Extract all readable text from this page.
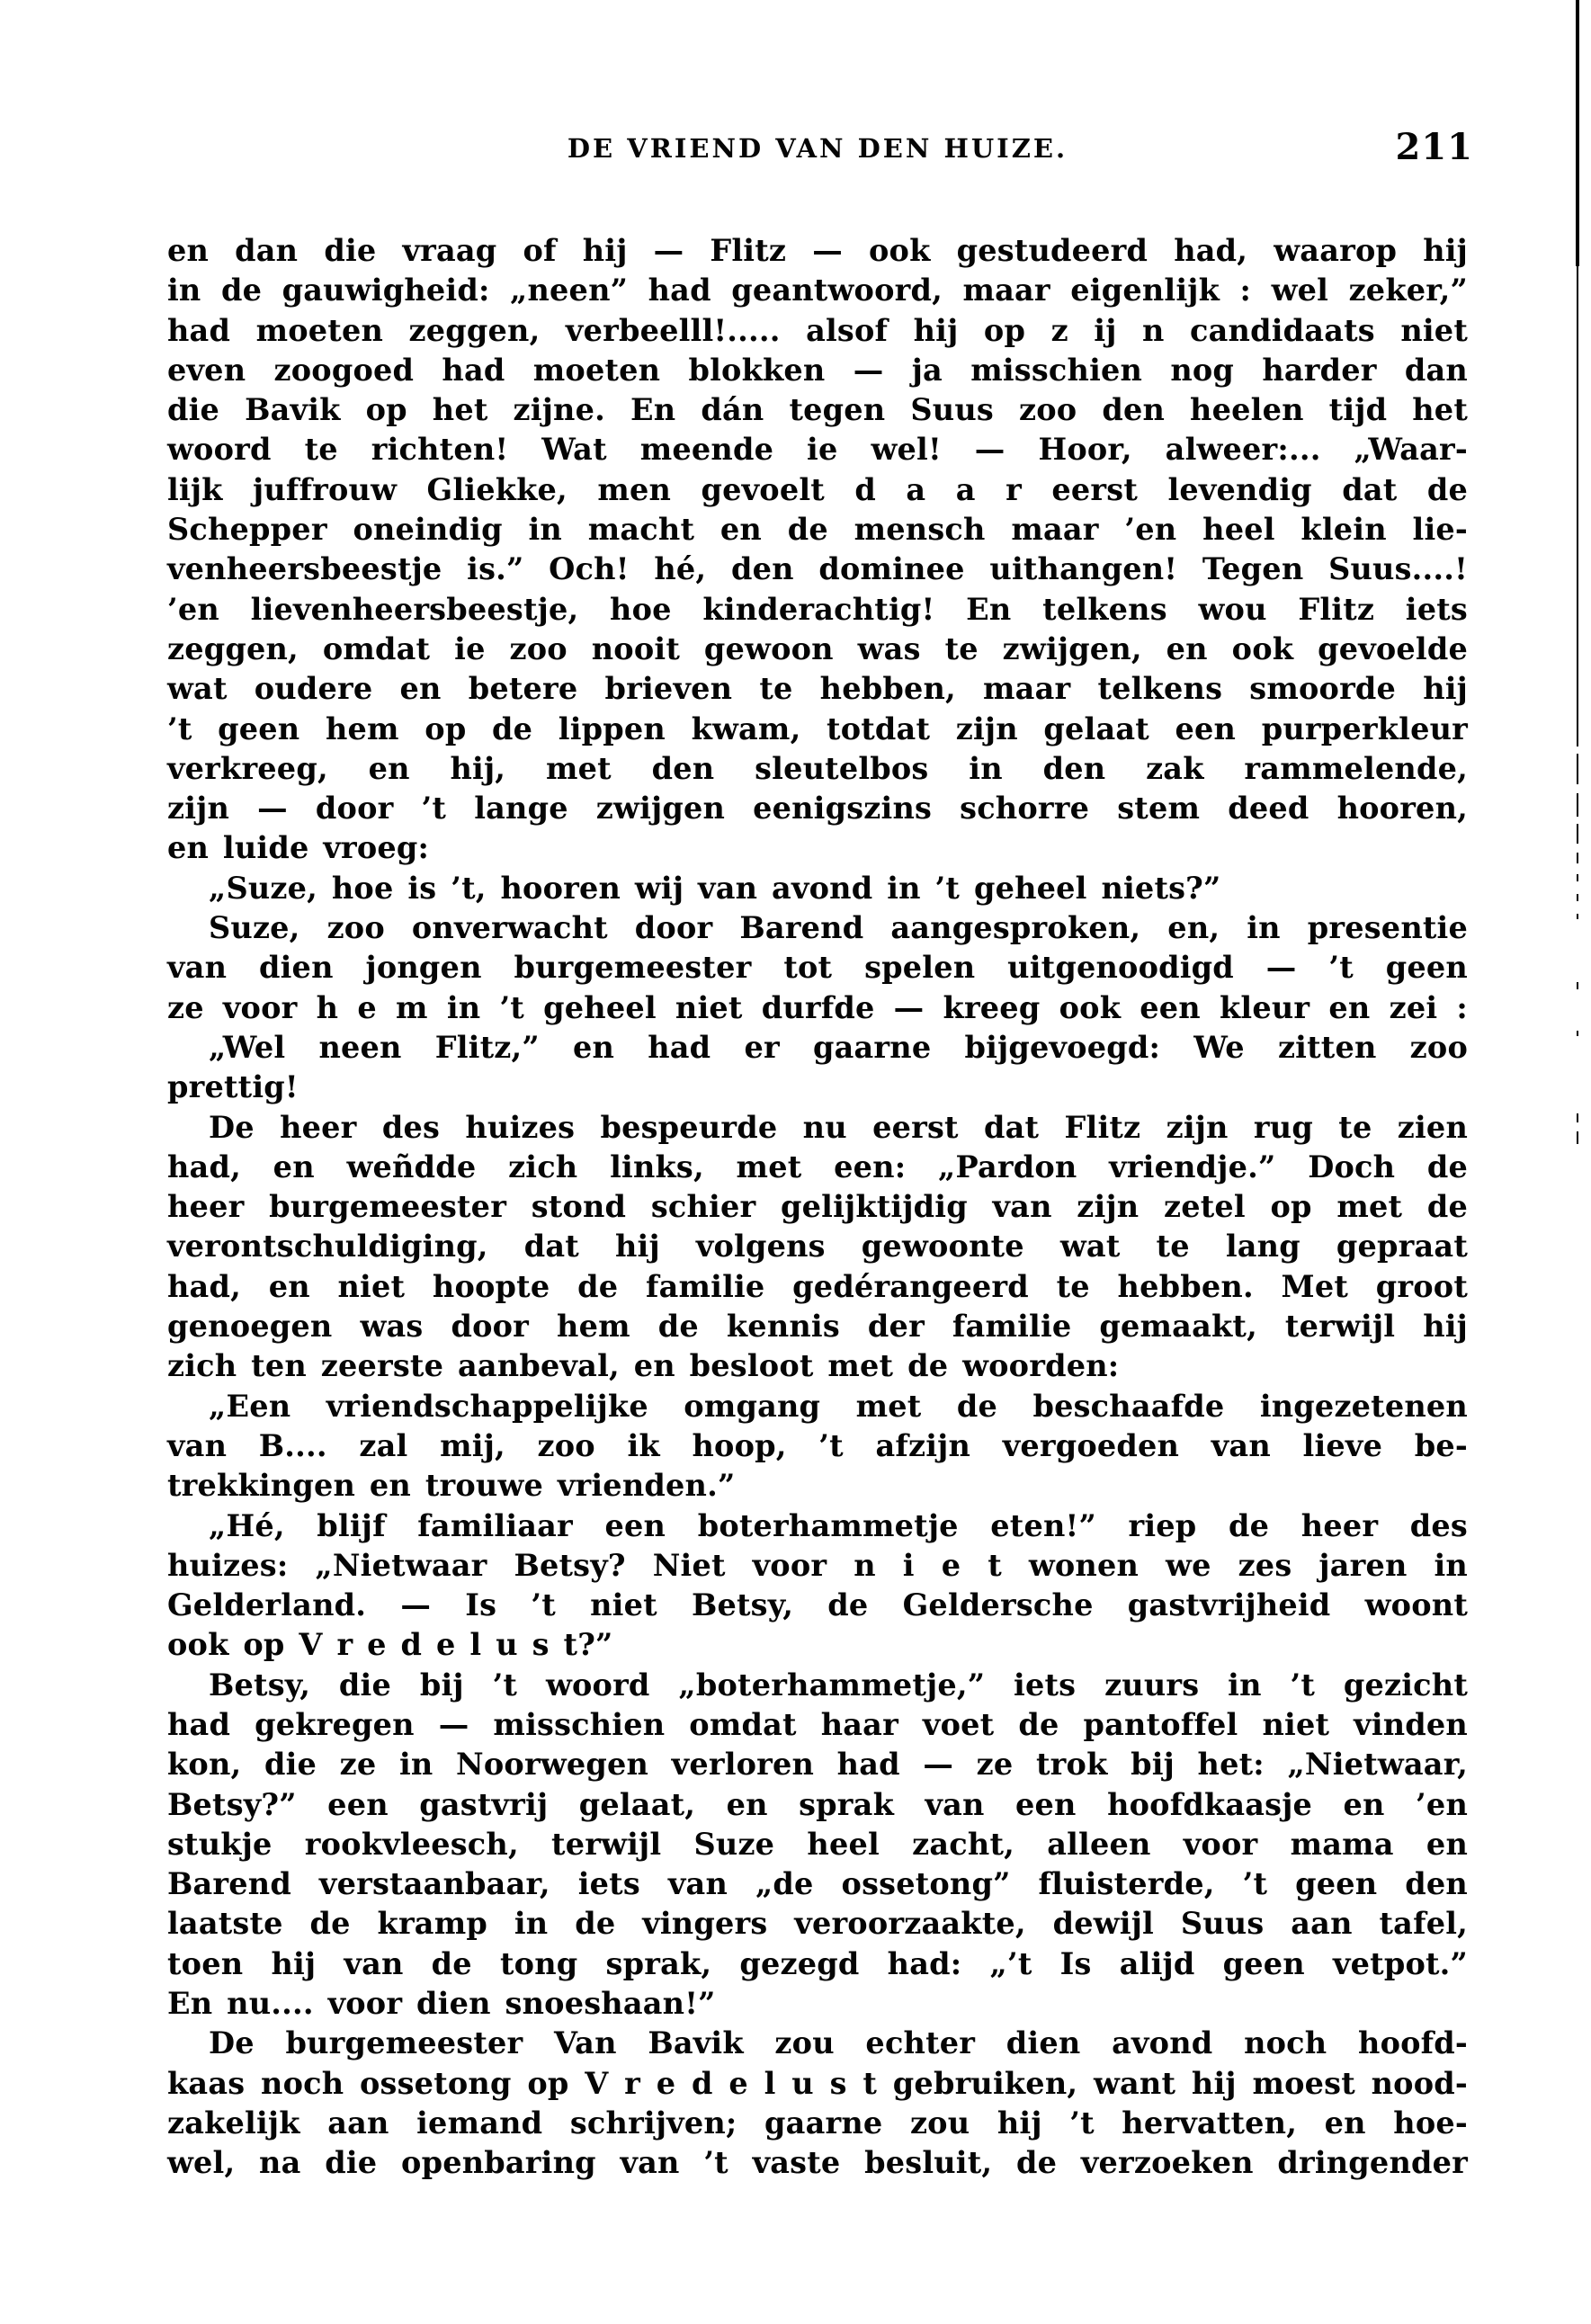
DE VRIEND VAN DEN HUIZE.	211
en dan die vraag of hij — Flitz — ook gestudeerd had, waarop hij
in de gauwigheid: „neen” had geantwoord, maar eigenlijk : wel zeker,”
had moeten zeggen, verbeelll!..... alsof hij op z ij n candidaats niet
even zoogoed had moeten blokken — ja misschien nog harder dan
die Bavik op het zijne. En dán tegen Suus zoo den heelen tijd het
woord te richten! Wat meende ie wel! — Hoor, alweer:... „Waar-
lijk juffrouw Gliekke, men gevoelt d a a r eerst levendig dat de
Schepper oneindig in macht en de mensch maar ’en heel klein lie-
venheersbeestje is.” Och! hé, den dominee uithangen! Tegen Suus....!
’en lievenheersbeestje, hoe kinderachtig! En telkens wou Flitz iets
zeggen, omdat ie zoo nooit gewoon was te zwijgen, en ook gevoelde
wat oudere en betere brieven te hebben, maar telkens smoorde hij
’t geen hem op de lippen kwam, totdat zijn gelaat een purperkleur
verkreeg, en hij, met den sleutelbos in den zak rammelende,
zijn — door ’t lange zwijgen eenigszins schorre stem deed hooren,
en luide vroeg:
„Suze, hoe is ’t, hooren wij van avond in ’t geheel niets?”
Suze, zoo onverwacht door Barend aangesproken, en, in presentie
van dien jongen burgemeester tot spelen uitgenoodigd — ’t geen
ze voor h e m in ’t geheel niet durfde — kreeg ook een kleur en zei :
„Wel neen Flitz,” en had er gaarne bijgevoegd: We zitten zoo
prettig!
De heer des huizes bespeurde nu eerst dat Flitz zijn rug te zien
had, en weñdde zich links, met een: „Pardon vriendje.” Doch de
heer burgemeester stond schier gelijktijdig van zijn zetel op met de
verontschuldiging, dat hij volgens gewoonte wat te lang gepraat
had, en niet hoopte de familie gedérangeerd te hebben. Met groot
genoegen was door hem de kennis der familie gemaakt, terwijl hij
zich ten zeerste aanbeval, en besloot met de woorden:
„Een vriendschappelijke omgang met de beschaafde ingezetenen
van B.... zal mij, zoo ik hoop, ’t afzijn vergoeden van lieve be-
trekkingen en trouwe vrienden.”
„Hé, blijf familiaar een boterhammetje eten!” riep de heer des
huizes: „Nietwaar Betsy? Niet voor n i e t wonen we zes jaren in
Gelderland. — Is ’t niet Betsy, de Geldersche gastvrijheid woont
ook op V r e d e l u s t?”
Betsy, die bij ’t woord „boterhammetje,” iets zuurs in ’t gezicht
had gekregen — misschien omdat haar voet de pantoffel niet vinden
kon, die ze in Noorwegen verloren had — ze trok bij het: „Nietwaar,
Betsy?” een gastvrij gelaat, en sprak van een hoofdkaasje en ’en
stukje rookvleesch, terwijl Suze heel zacht, alleen voor mama en
Barend verstaanbaar, iets van „de ossetong” fluisterde, ’t geen den
laatste de kramp in de vingers veroorzaakte, dewijl Suus aan tafel,
toen hij van de tong sprak, gezegd had: „’t Is alijd geen vetpot.”
En nu.... voor dien snoeshaan!”
De burgemeester Van Bavik zou echter dien avond noch hoofd-
kaas noch ossetong op V r e d e l u s t gebruiken, want hij moest nood-
zakelijk aan iemand schrijven; gaarne zou hij ’t hervatten, en hoe-
wel, na die openbaring van ’t vaste besluit, de verzoeken dringender
